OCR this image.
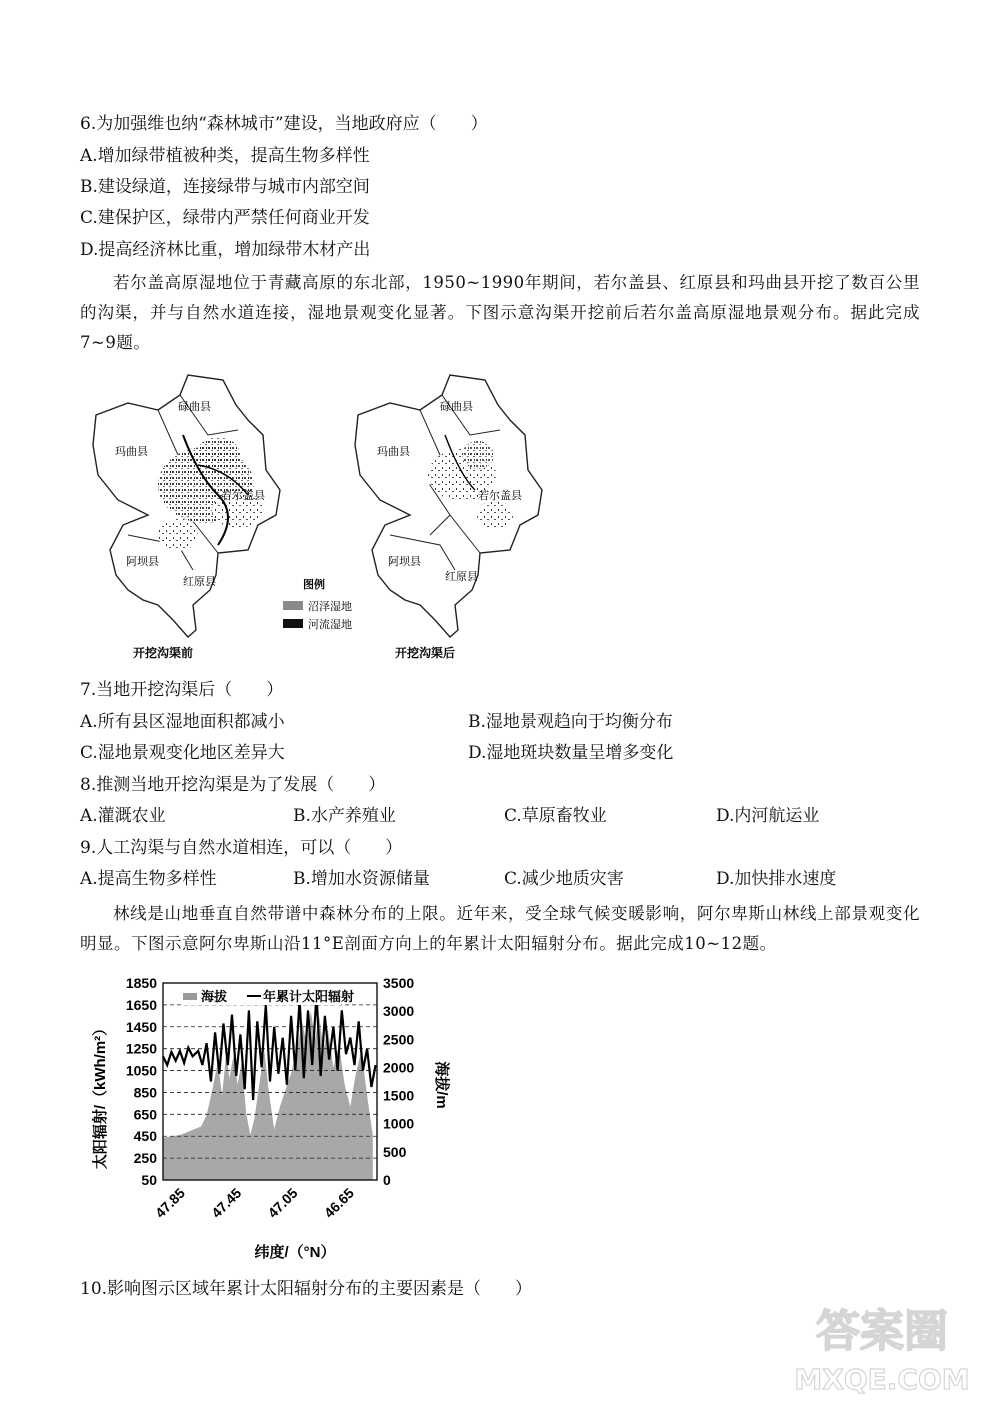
6.为加强维也纳“森林城市”建设，当地政府应（　　）
A.增加绿带植被种类，提高生物多样性
B.建设绿道，连接绿带与城市内部空间
C.建保护区，绿带内严禁任何商业开发
D.提高经济林比重，增加绿带木材产出
若尔盖高原湿地位于青藏高原的东北部，1950~1990年期间，若尔盖县、红原县和玛曲县开挖了数百公里的沟渠，并与自然水道连接，湿地景观变化显著。下图示意沟渠开挖前后若尔盖高原湿地景观分布。据此完成7~9题。
碌曲县
玛曲县
若尔盖县
阿坝县
红原县	图例
沼泽湿地
河流湿地
碌曲县
玛曲县
若尔盖县
阿坝县
红原县
开挖沟渠前	开挖沟渠后
7.当地开挖沟渠后（　　）
A.所有县区湿地面积都减小	B.湿地景观趋向于均衡分布
C.湿地景观变化地区差异大	D.湿地斑块数量呈增多变化
8.推测当地开挖沟渠是为了发展（　　）
A.灌溉农业	B.水产养殖业	C.草原畜牧业	D.内河航运业
9.人工沟渠与自然水道相连，可以（　　）
A.提高生物多样性	B.增加水资源储量	C.减少地质灾害	D.加快排水速度
林线是山地垂直自然带谱中森林分布的上限。近年来，受全球气候变暖影响，阿尔卑斯山林线上部景观变化明显。下图示意阿尔卑斯山沿11°E剖面方向上的年累计太阳辐射分布。据此完成10~12题。
海拔	年累计太阳辐射
太阳辐射/（kWh/m²）	海拔/m
纬度/（°N）
1850
1650
1450
1250
1050
850
650
450
250
50
3500
3000
2500
2000
1500
1000
500
0
47.85 47.45 47.05 46.65
10.影响图示区域年累计太阳辐射分布的主要因素是（　　）
答案圈
MXQE.COM
